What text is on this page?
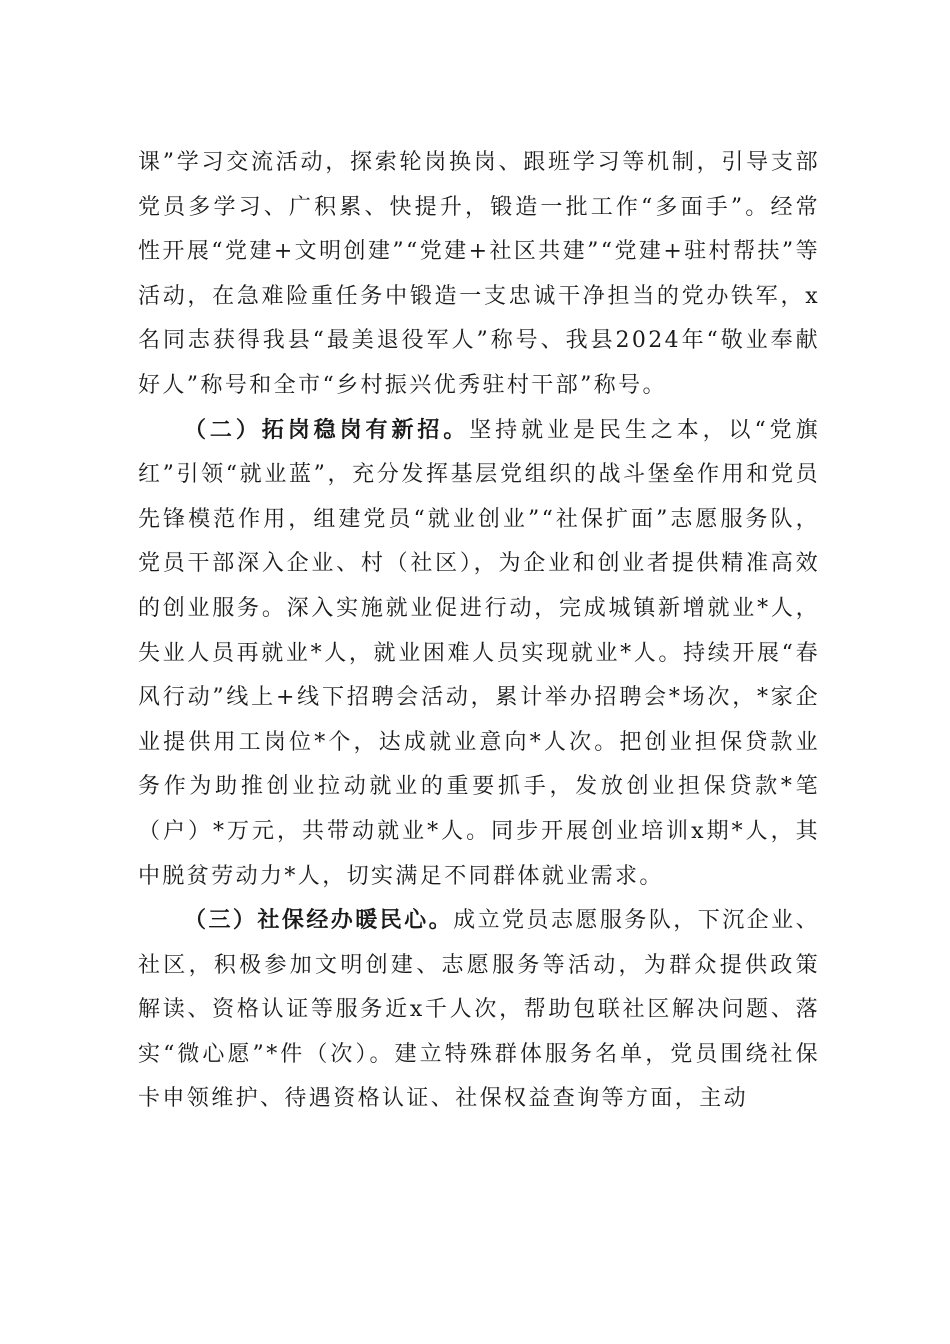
课”学习交流活动，探索轮岗换岗、跟班学习等机制，引导支部党员多学习、广积累、快提升，锻造一批工作“多面手”。经常性开展“党建+文明创建”“党建+社区共建”“党建+驻村帮扶”等活动，在急难险重任务中锻造一支忠诚干净担当的党办铁军，x名同志获得我县“最美退役军人”称号、我县2024年“敬业奉献好人”称号和全市“乡村振兴优秀驻村干部”称号。

（二）拓岗稳岗有新招。坚持就业是民生之本，以“党旗红”引领“就业蓝”，充分发挥基层党组织的战斗堡垒作用和党员先锋模范作用，组建党员“就业创业”“社保扩面”志愿服务队，党员干部深入企业、村（社区），为企业和创业者提供精准高效的创业服务。深入实施就业促进行动，完成城镇新增就业*人，失业人员再就业*人，就业困难人员实现就业*人。持续开展“春风行动”线上+线下招聘会活动，累计举办招聘会*场次，*家企业提供用工岗位*个，达成就业意向*人次。把创业担保贷款业务作为助推创业拉动就业的重要抓手，发放创业担保贷款*笔（户）*万元，共带动就业*人。同步开展创业培训x期*人，其中脱贫劳动力*人，切实满足不同群体就业需求。

（三）社保经办暖民心。成立党员志愿服务队，下沉企业、社区，积极参加文明创建、志愿服务等活动，为群众提供政策解读、资格认证等服务近x千人次，帮助包联社区解决问题、落实“微心愿”*件（次）。建立特殊群体服务名单，党员围绕社保卡申领维护、待遇资格认证、社保权益查询等方面，主动
